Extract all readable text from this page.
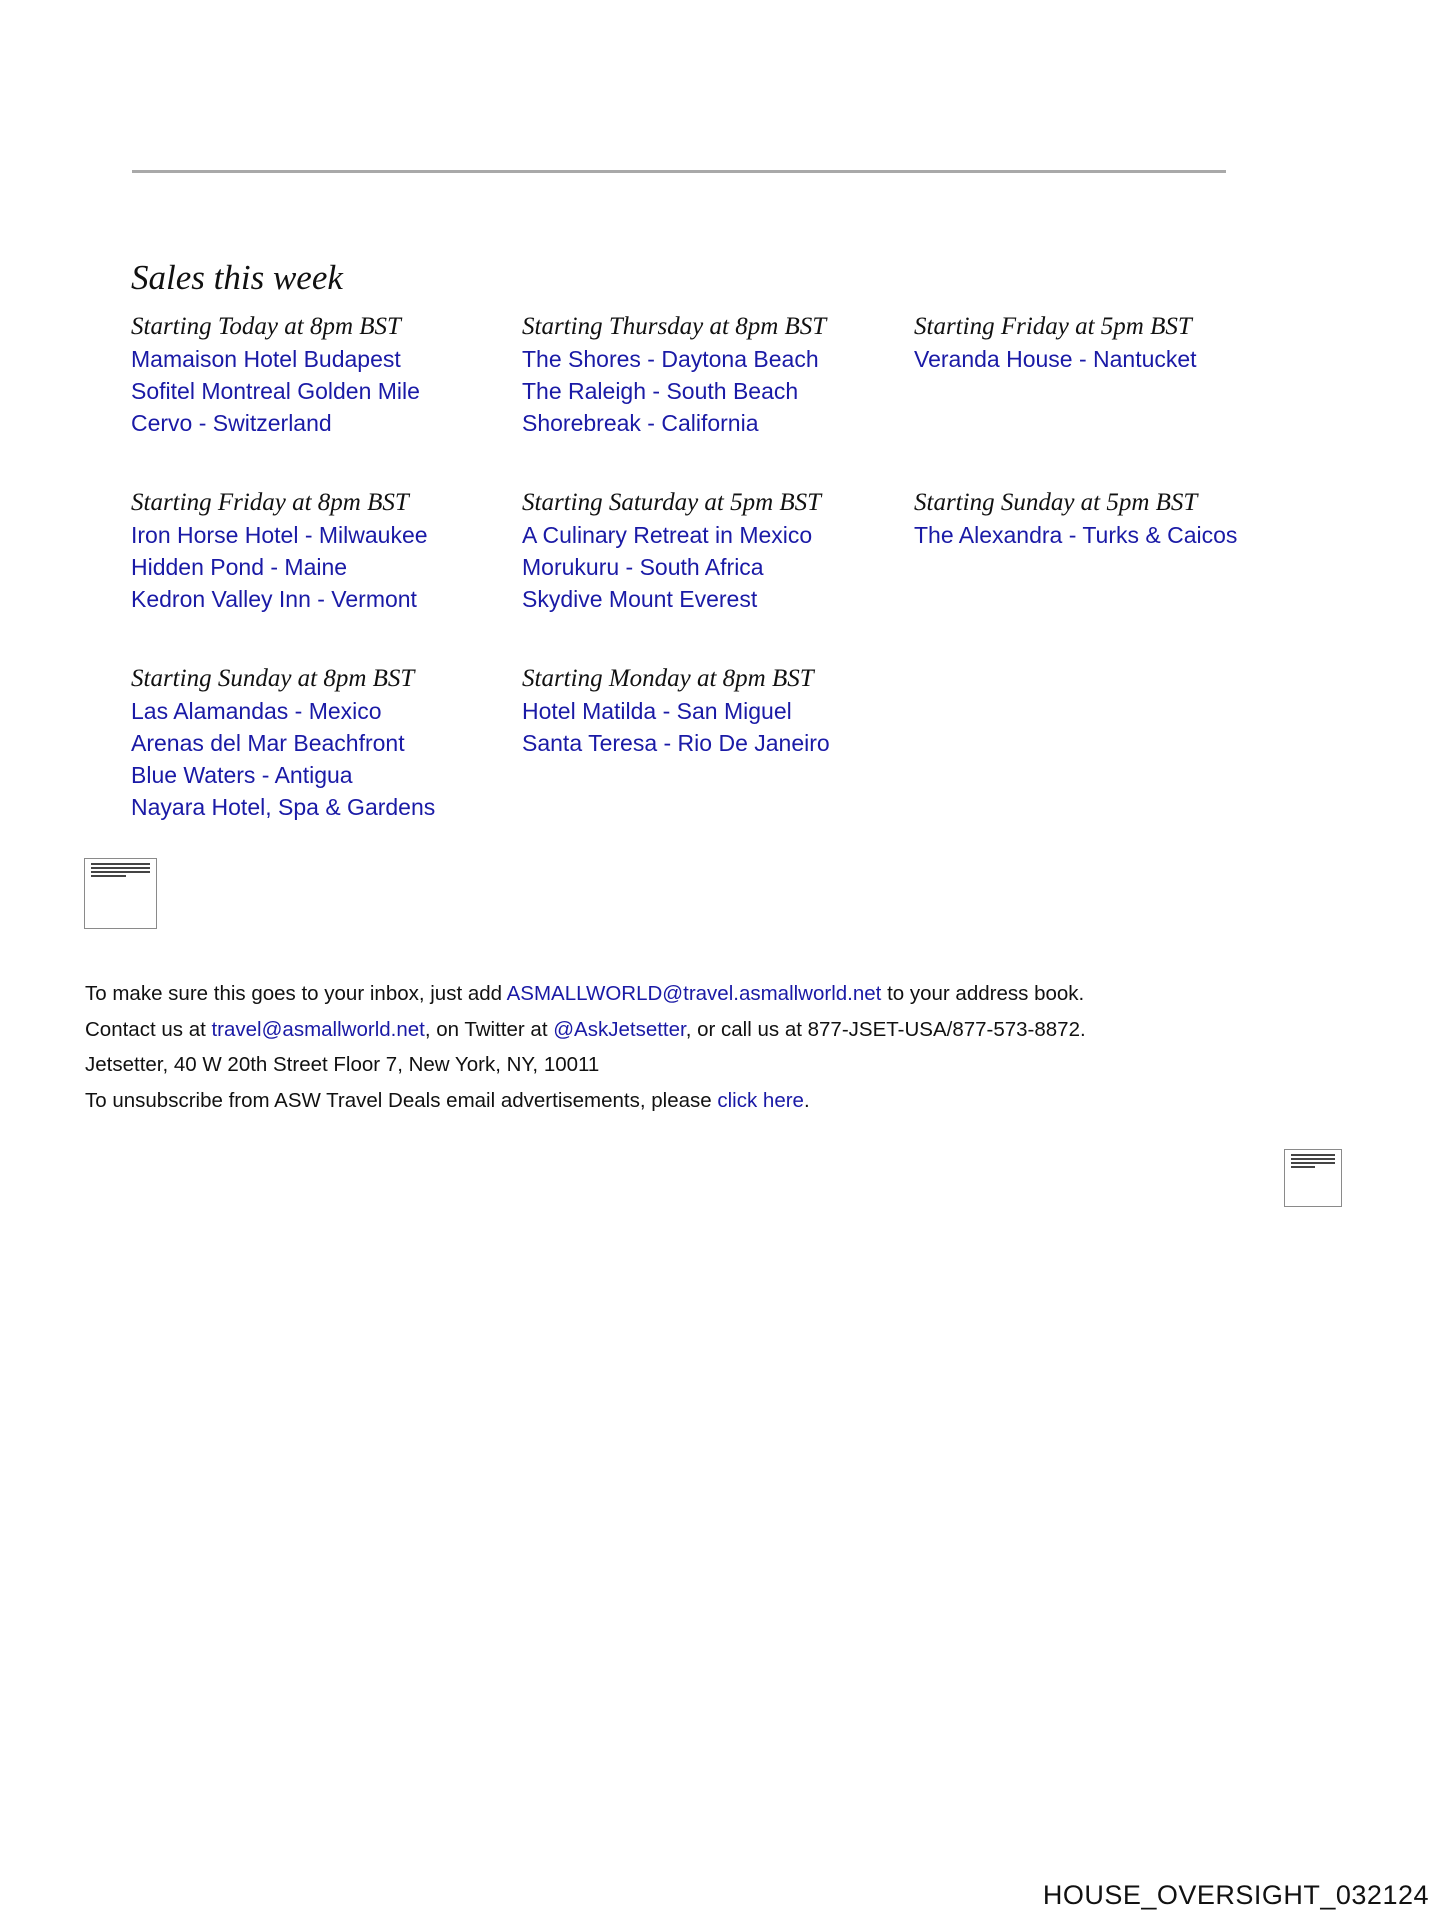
Sales this week
Starting Today at 8pm BST
Mamaison Hotel Budapest
Sofitel Montreal Golden Mile
Cervo - Switzerland
Starting Thursday at 8pm BST
The Shores - Daytona Beach
The Raleigh - South Beach
Shorebreak - California
Starting Friday at 5pm BST
Veranda House - Nantucket
Starting Friday at 8pm BST
Iron Horse Hotel - Milwaukee
Hidden Pond - Maine
Kedron Valley Inn - Vermont
Starting Saturday at 5pm BST
A Culinary Retreat in Mexico
Morukuru - South Africa
Skydive Mount Everest
Starting Sunday at 5pm BST
The Alexandra - Turks & Caicos
Starting Sunday at 8pm BST
Las Alamandas - Mexico
Arenas del Mar Beachfront
Blue Waters - Antigua
Nayara Hotel, Spa & Gardens
Starting Monday at 8pm BST
Hotel Matilda - San Miguel
Santa Teresa - Rio De Janeiro

To make sure this goes to your inbox, just add ASMALLWORLD@travel.asmallworld.net to your address book.

Contact us at travel@asmallworld.net, on Twitter at @AskJetsetter, or call us at 877-JSET-USA/877-573-8872.

Jetsetter, 40 W 20th Street Floor 7, New York, NY, 10011

To unsubscribe from ASW Travel Deals email advertisements, please click here.

HOUSE_OVERSIGHT_032124
